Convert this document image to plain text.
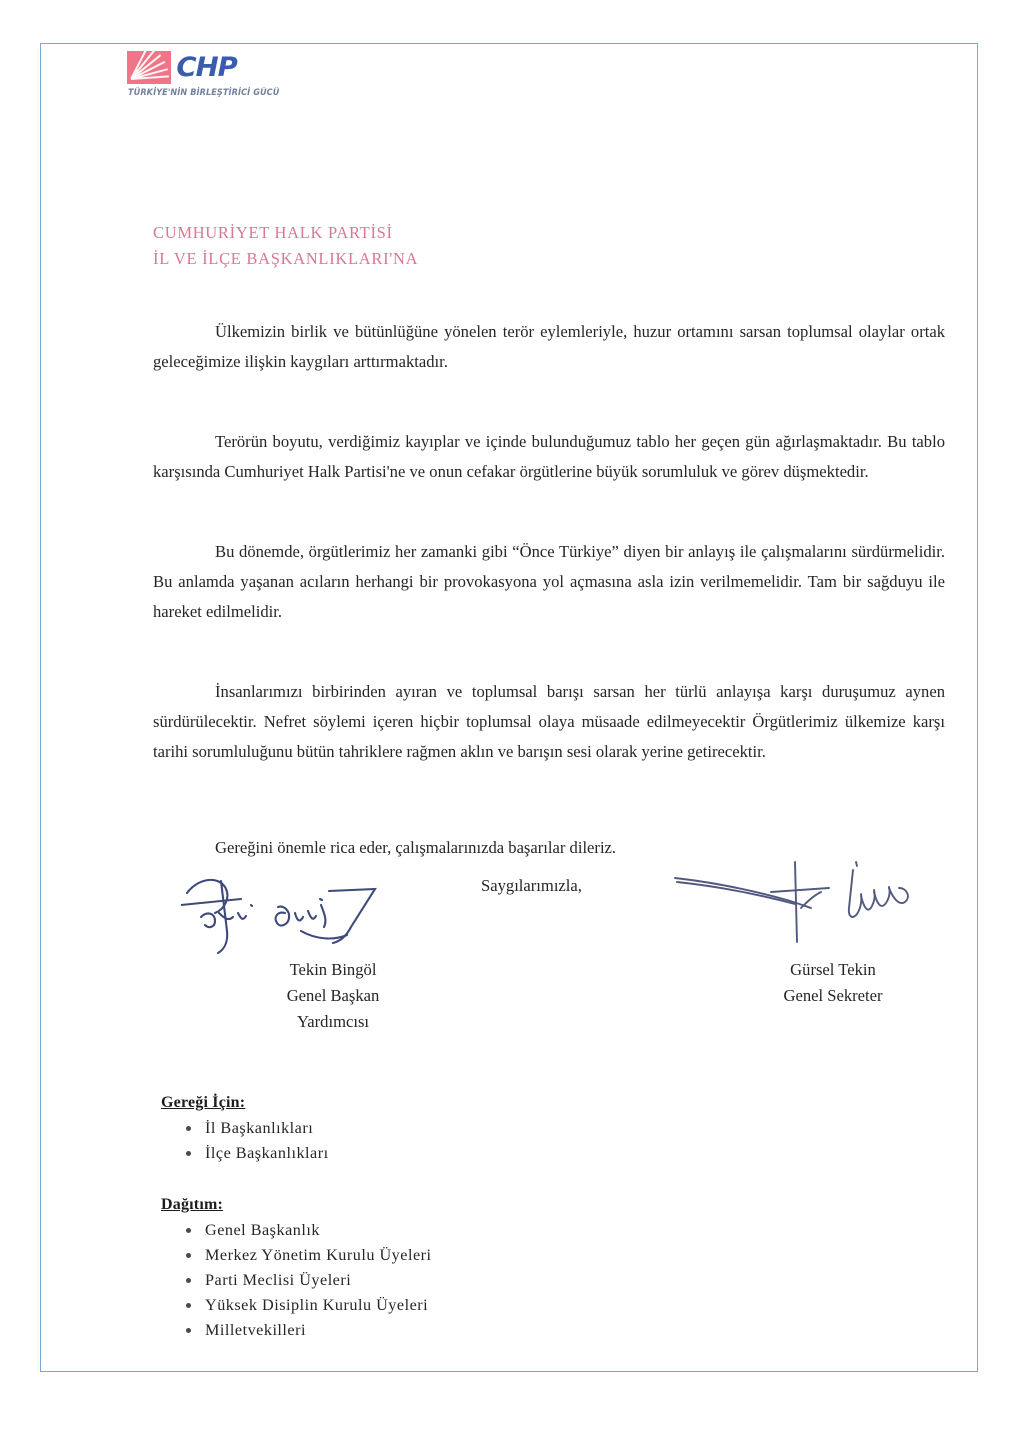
CHP
TÜRKİYE'NİN BİRLEŞTİRİCİ GÜCÜ
CUMHURİYET HALK PARTİSİ
İL VE İLÇE BAŞKANLIKLARI'NA

Ülkemizin birlik ve bütünlüğüne yönelen terör eylemleriyle, huzur ortamını sarsan toplumsal olaylar ortak geleceğimize ilişkin kaygıları arttırmaktadır.

Terörün boyutu, verdiğimiz kayıplar ve içinde bulunduğumuz tablo her geçen gün ağırlaşmaktadır. Bu tablo karşısında Cumhuriyet Halk Partisi'ne ve onun cefakar örgütlerine büyük sorumluluk ve görev düşmektedir.

Bu dönemde, örgütlerimiz her zamanki gibi “Önce Türkiye” diyen bir anlayış ile çalışmalarını sürdürmelidir. Bu anlamda yaşanan acıların herhangi bir provokasyona yol açmasına asla izin verilmemelidir. Tam bir sağduyu ile hareket edilmelidir.

İnsanlarımızı birbirinden ayıran ve toplumsal barışı sarsan her türlü anlayışa karşı duruşumuz aynen sürdürülecektir. Nefret söylemi içeren hiçbir toplumsal olaya müsaade edilmeyecektir Örgütlerimiz ülkemize karşı tarihi sorumluluğunu bütün tahriklere rağmen aklın ve barışın sesi olarak yerine getirecektir.

Gereğini önemle rica eder, çalışmalarınızda başarılar dileriz.

Saygılarımızla,
Tekin Bingöl
Genel Başkan
Yardımcısı
Gürsel Tekin
Genel Sekreter
Gereği İçin:
İl Başkanlıkları
İlçe Başkanlıkları
Dağıtım:
Genel Başkanlık
Merkez Yönetim Kurulu Üyeleri
Parti Meclisi Üyeleri
Yüksek Disiplin Kurulu Üyeleri
Milletvekilleri
